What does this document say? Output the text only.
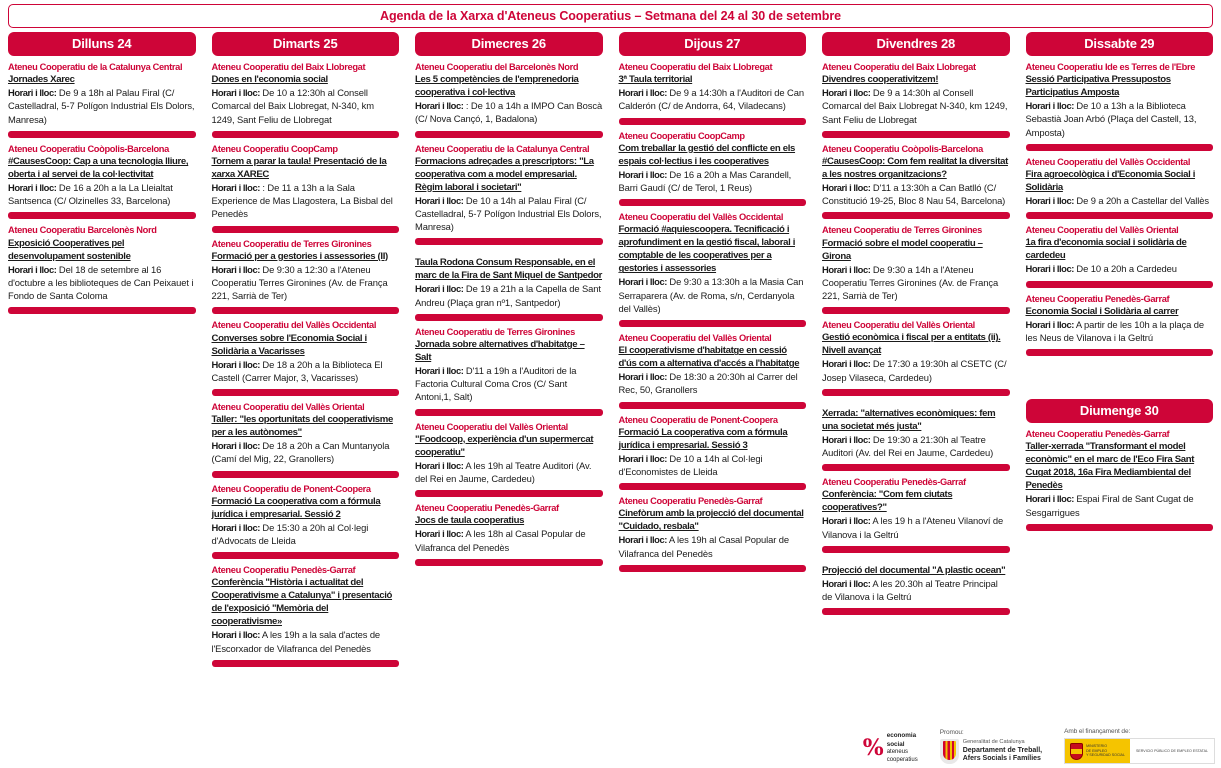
Agenda de la Xarxa d'Ateneus Cooperatius – Setmana del 24 al 30 de setembre
Dilluns 24
Ateneu Cooperatiu de la Catalunya Central
Jornades Xarec
Horari i lloc: De 9 a 18h al Palau Firal (C/ Castelladral, 5-7 Polígon Industrial Els Dolors, Manresa)
Ateneu Cooperatiu Coòpolis-Barcelona
#CausesCoop: Cap a una tecnologia lliure, oberta i al servei de la col·lectivitat
Horari i lloc: De 16 a 20h a la La Lleialtat Santsenca (C/ Olzinelles 33, Barcelona)
Ateneu Cooperatiu Barcelonès Nord
Exposició Cooperatives pel desenvolupament sostenible
Horari i lloc: Del 18 de setembre al 16 d'octubre a les biblioteques de Can Peixauet i Fondo de Santa Coloma
Dimarts 25
Ateneu Cooperatiu del Baix Llobregat
Dones en l'economia social
Horari i lloc: De 10 a 12:30h al Consell Comarcal del Baix Llobregat, N-340, km 1249, Sant Feliu de Llobregat
Ateneu Cooperatiu CoopCamp
Tornem a parar la taula! Presentació de la xarxa XAREC
Horari i lloc: : De 11 a 13h a la Sala Experience de Mas Llagostera, La Bisbal del Penedès
Ateneu Cooperatiu de Terres Gironines
Formació per a gestories i assessories (II)
Horari i lloc: De 9:30 a 12:30 a l'Ateneu Cooperatiu Terres Gironines (Av. de França 221, Sarrià de Ter)
Ateneu Cooperatiu del Vallès Occidental
Converses sobre l'Economia Social i Solidària a Vacarisses
Horari i lloc: De 18 a 20h a la Biblioteca El Castell (Carrer Major, 3, Vacarisses)
Ateneu Cooperatiu del Vallès Oriental
Taller: "les oportunitats del cooperativisme per a les autònomes"
Horari i lloc: De 18 a 20h a Can Muntanyola (Camí del Mig, 22, Granollers)
Ateneu Cooperatiu de Ponent-Coopera
Formació La cooperativa com a fórmula jurídica i empresarial. Sessió 2
Horari i lloc: De 15:30 a 20h al Col·legi d'Advocats de Lleida
Ateneu Cooperatiu Penedès-Garraf
Conferència "Història i actualitat del Cooperativisme a Catalunya" i presentació de l'exposició "Memòria del cooperativisme»
Horari i lloc: A les 19h a la sala d'actes de l'Escorxador de Vilafranca del Penedès
Dimecres 26
Ateneu Cooperatiu del Barcelonès Nord
Les 5 competències de l'emprenedoria cooperativa i col·lectiva
Horari i lloc: : De 10 a 14h a IMPO Can Boscà (C/ Nova Cançó, 1, Badalona)
Ateneu Cooperatiu de la Catalunya Central
Formacions adreçades a prescriptors: "La cooperativa com a model empresarial. Règim laboral i societari"
Horari i lloc: De 10 a 14h al Palau Firal (C/ Castelladral, 5-7 Polígon Industrial Els Dolors, Manresa)
Taula Rodona Consum Responsable, en el marc de la Fira de Sant Miquel de Santpedor
Horari i lloc: De 19 a 21h a la Capella de Sant Andreu (Plaça gran nº1, Santpedor)
Ateneu Cooperatiu de Terres Gironines
Jornada sobre alternatives d'habitatge – Salt
Horari i lloc: D'11 a 19h a l'Auditori de la Factoria Cultural Coma Cros (C/ Sant Antoni,1, Salt)
Ateneu Cooperatiu del Vallès Oriental
"Foodcoop, experiència d'un supermercat cooperatiu"
Horari i lloc: A les 19h al Teatre Auditori (Av. del Rei en Jaume, Cardedeu)
Ateneu Cooperatiu Penedès-Garraf
Jocs de taula cooperatius
Horari i lloc: A les 18h al Casal Popular de Vilafranca del Penedès
Dijous 27
Ateneu Cooperatiu del Baix Llobregat
3ª Taula territorial
Horari i lloc: De 9 a 14:30h a l'Auditori de Can Calderón (C/ de Andorra, 64, Viladecans)
Ateneu Cooperatiu CoopCamp
Com treballar la gestió del conflicte en els espais col·lectius i les cooperatives
Horari i lloc: De 16 a 20h a Mas Carandell, Barri Gaudí (C/ de Terol, 1 Reus)
Ateneu Cooperatiu del Vallès Occidental
Formació #aquiescoopera. Tecnificació i aprofundiment en la gestió fiscal, laboral i comptable de les cooperatives per a gestories i assessories
Horari i lloc: De 9:30 a 13:30h a la Masia Can Serraparera (Av. de Roma, s/n, Cerdanyola del Vallès)
Ateneu Cooperatiu del Vallès Oriental
El cooperativisme d'habitatge en cessió d'ús com a alternativa d'accés a l'habitatge
Horari i lloc: De 18:30 a 20:30h al Carrer del Rec, 50, Granollers
Ateneu Cooperatiu de Ponent-Coopera
Formació La cooperativa com a fórmula jurídica i empresarial. Sessió 3
Horari i lloc: De 10 a 14h al Col·legi d'Economistes de Lleida
Ateneu Cooperatiu Penedès-Garraf
Cinefòrum amb la projecció del documental "Cuidado, resbala"
Horari i lloc: A les 19h al Casal Popular de Vilafranca del Penedès
Divendres 28
Ateneu Cooperatiu del Baix Llobregat
Divendres cooperativitzem!
Horari i lloc: De 9 a 14:30h al Consell Comarcal del Baix Llobregat N-340, km 1249, Sant Feliu de Llobregat
Ateneu Cooperatiu Coòpolis-Barcelona
#CausesCoop: Com fem realitat la diversitat a les nostres organitzacions?
Horari i lloc: D'11 a 13:30h a Can Batlló (C/ Constitució 19-25, Bloc 8 Nau 54, Barcelona)
Ateneu Cooperatiu de Terres Gironines
Formació sobre el model cooperatiu – Girona
Horari i lloc: De 9:30 a 14h a l'Ateneu Cooperatiu Terres Gironines (Av. de França 221, Sarrià de Ter)
Ateneu Cooperatiu del Vallès Oriental
Gestió econòmica i fiscal per a entitats (ii). Nivell avançat
Horari i lloc: De 17:30 a 19:30h al CSETC (C/ Josep Vilaseca, Cardedeu)
Xerrada: "alternatives econòmiques: fem una societat més justa"
Horari i lloc: De 19:30 a 21:30h al Teatre Auditori (Av. del Rei en Jaume, Cardedeu)
Ateneu Cooperatiu Penedès-Garraf
Conferència: "Com fem ciutats cooperatives?"
Horari i lloc: A les 19 h a l'Ateneu Vilanoví de Vilanova i la Geltrú
Projecció del documental "A plastic ocean"
Horari i lloc: A les 20.30h al Teatre Principal de Vilanova i la Geltrú
Dissabte 29
Ateneu Cooperatiu Ide es Terres de l'Ebre
Sessió Participativa Pressupostos Participatius Amposta
Horari i lloc: De 10 a 13h a la Biblioteca Sebastià Joan Arbó (Plaça del Castell, 13, Amposta)
Ateneu Cooperatiu del Vallès Occidental
Fira agroecològica i d'Economia Social i Solidària
Horari i lloc: De 9 a 20h a Castellar del Vallès
Ateneu Cooperatiu del Vallès Oriental
1a fira d'economia social i solidària de cardedeu
Horari i lloc: De 10 a 20h a Cardedeu
Ateneu Cooperatiu Penedès-Garraf
Economia Social i Solidària al carrer
Horari i lloc: A partir de les 10h a la plaça de les Neus de Vilanova i la Geltrú
Diumenge 30
Ateneu Cooperatiu Penedès-Garraf
Taller-xerrada "Transformant el model econòmic" en el marc de l'Eco Fira Sant Cugat 2018, 16a Fira Mediambiental del Penedès
Horari i lloc: Espai Firal de Sant Cugat de Sesgarrigues
% economia
social
ateneus
cooperatius
Promou:
Generalitat de Catalunya
Departament de Treball,
Afers Socials i Famílies
Amb el finançament de:
MINISTERIO
DE EMPLEO
Y SEGURIDAD SOCIAL
SERVICIO PÚBLICO DE EMPLEO ESTATAL
